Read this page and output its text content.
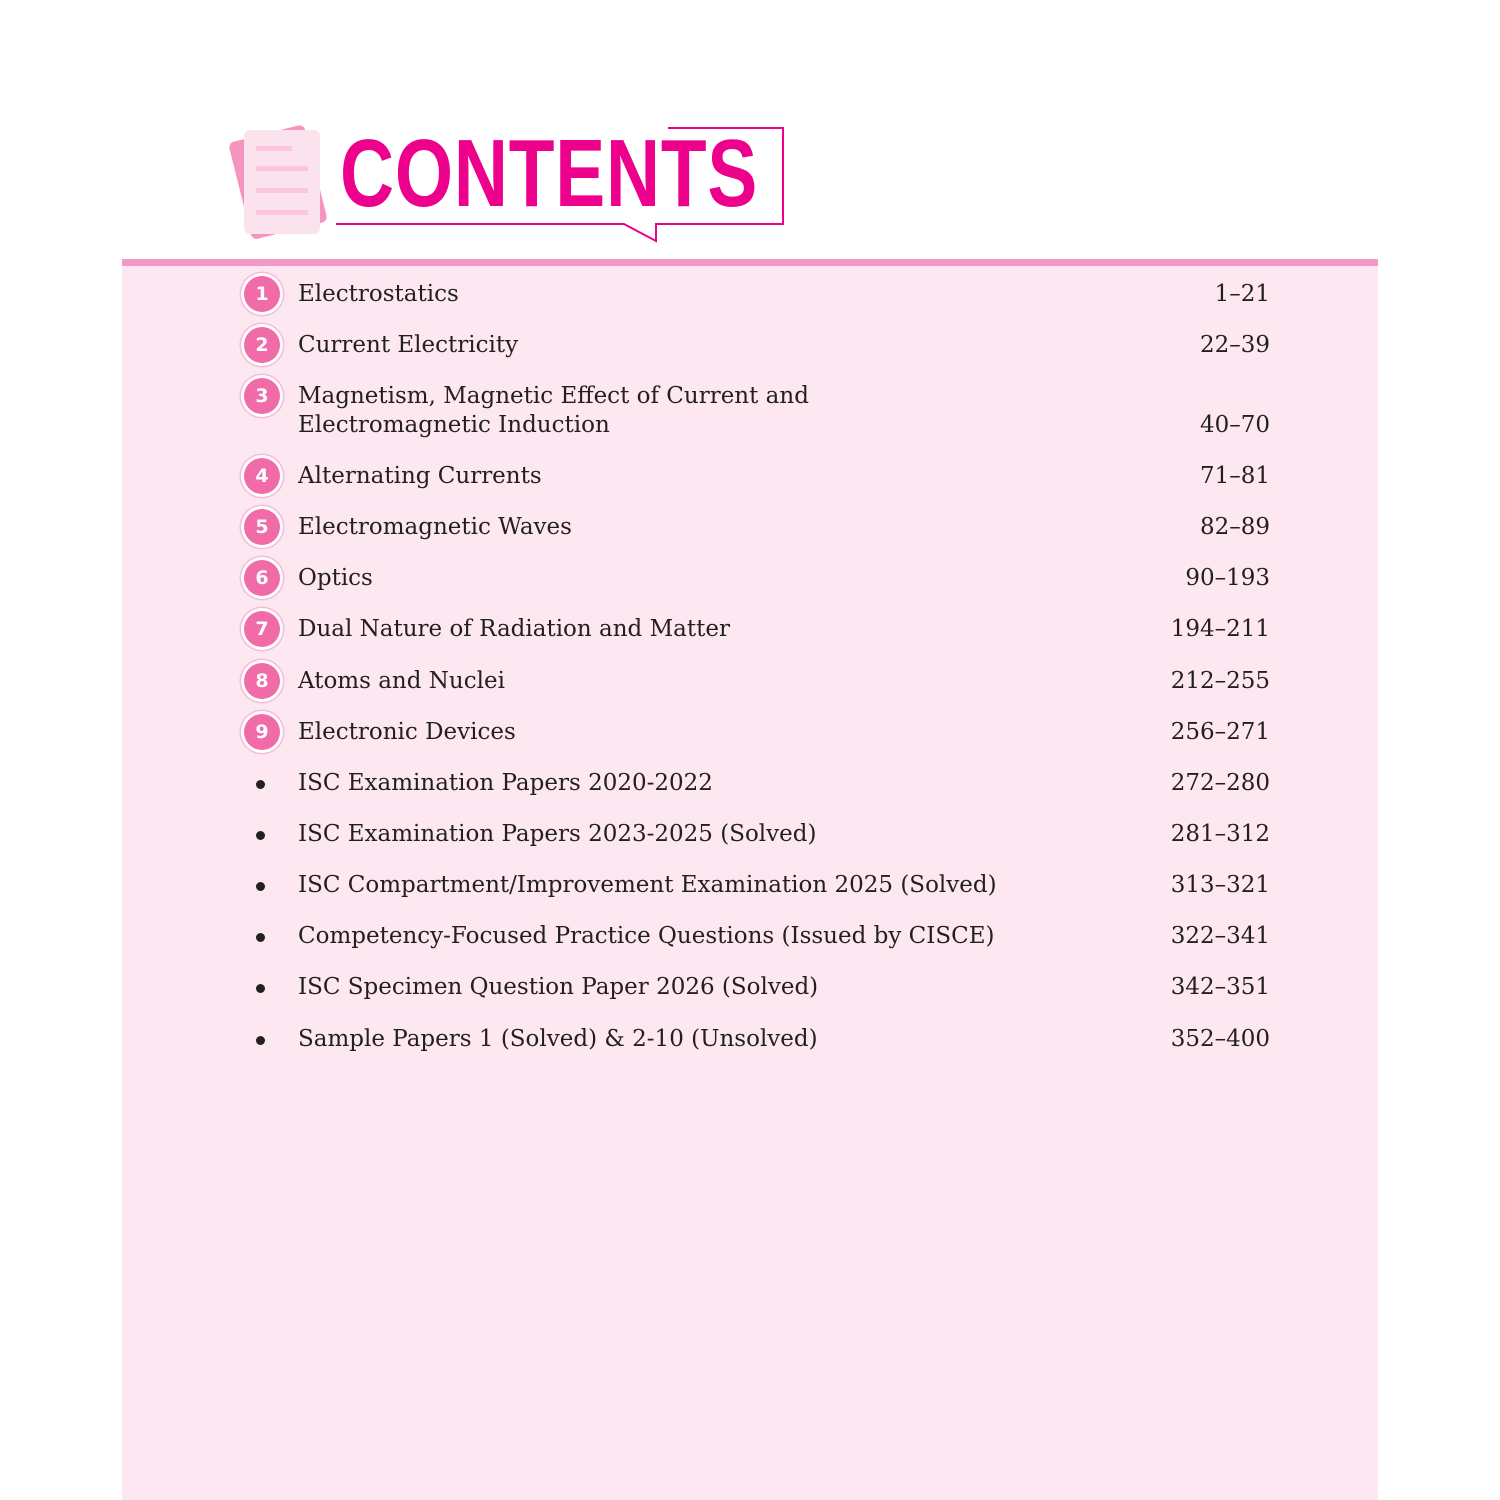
CONTENTS
1	Electrostatics	1–21
2	Current Electricity	22–39
3	Magnetism, Magnetic Effect of Current and
Electromagnetic Induction	40–70
4	Alternating Currents	71–81
5	Electromagnetic Waves	82–89
6	Optics	90–193
7	Dual Nature of Radiation and Matter	194–211
8	Atoms and Nuclei	212–255
9	Electronic Devices	256–271
ISC Examination Papers 2020-2022	272–280
ISC Examination Papers 2023-2025 (Solved)	281–312
ISC Compartment/Improvement Examination 2025 (Solved)	313–321
Competency-Focused Practice Questions (Issued by CISCE)	322–341
ISC Specimen Question Paper 2026 (Solved)	342–351
Sample Papers 1 (Solved) & 2-10 (Unsolved)	352–400
